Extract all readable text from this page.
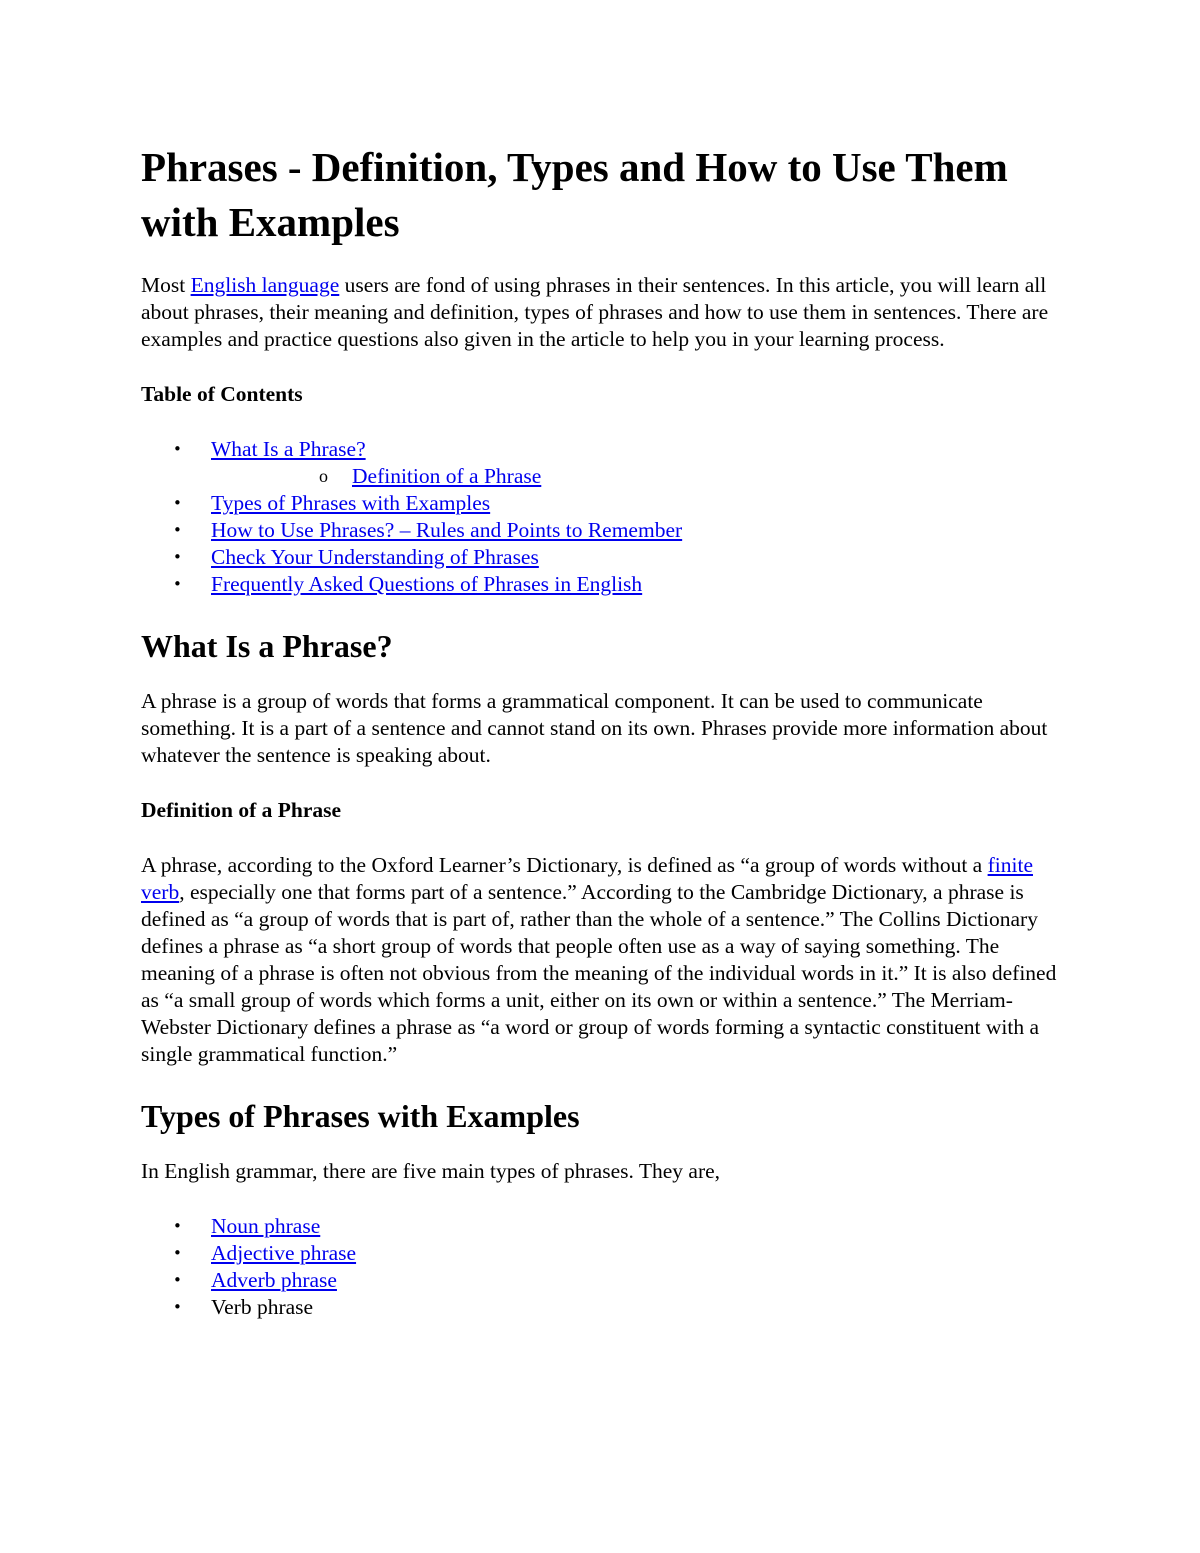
Phrases - Definition, Types and How to Use Them with Examples

Most English language users are fond of using phrases in their sentences. In this article, you will learn all about phrases, their meaning and definition, types of phrases and how to use them in sentences. There are examples and practice questions also given in the article to help you in your learning process.

Table of Contents
• What Is a Phrase?
o Definition of a Phrase
• Types of Phrases with Examples
• How to Use Phrases? – Rules and Points to Remember
• Check Your Understanding of Phrases
• Frequently Asked Questions of Phrases in English
What Is a Phrase?

A phrase is a group of words that forms a grammatical component. It can be used to communicate something. It is a part of a sentence and cannot stand on its own. Phrases provide more information about whatever the sentence is speaking about.

Definition of a Phrase

A phrase, according to the Oxford Learner’s Dictionary, is defined as “a group of words without a finite verb, especially one that forms part of a sentence.” According to the Cambridge Dictionary, a phrase is defined as “a group of words that is part of, rather than the whole of a sentence.” The Collins Dictionary defines a phrase as “a short group of words that people often use as a way of saying something. The meaning of a phrase is often not obvious from the meaning of the individual words in it.” It is also defined as “a small group of words which forms a unit, either on its own or within a sentence.” The Merriam-Webster Dictionary defines a phrase as “a word or group of words forming a syntactic constituent with a single grammatical function.”

Types of Phrases with Examples

In English grammar, there are five main types of phrases. They are,

• Noun phrase
• Adjective phrase
• Adverb phrase
• Verb phrase
